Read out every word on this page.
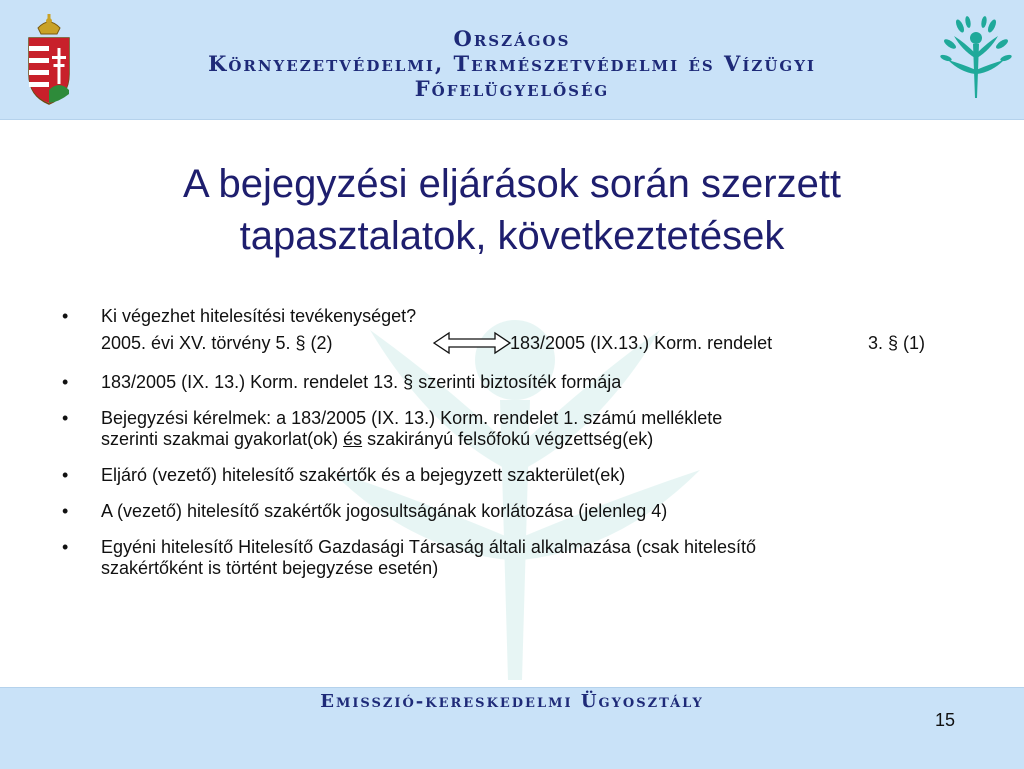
Országos
Környezetvédelmi, Természetvédelmi és Vízügyi
Főfelügyelőség
A bejegyzési eljárások során szerzett
tapasztalatok, következtetések
• Ki végezhet hitelesítési tevékenységet?
2005. évi XV. törvény 5. § (2)	183/2005 (IX.13.) Korm. rendelet	3. § (1)
• 183/2005 (IX. 13.) Korm. rendelet 13. § szerinti biztosíték formája
• Bejegyzési kérelmek: a 183/2005 (IX. 13.) Korm. rendelet 1. számú melléklete
szerinti szakmai gyakorlat(ok) és szakirányú felsőfokú végzettség(ek)
• Eljáró (vezető) hitelesítő szakértők és a bejegyzett szakterület(ek)
• A (vezető) hitelesítő szakértők jogosultságának korlátozása (jelenleg 4)
• Egyéni hitelesítő Hitelesítő Gazdasági Társaság általi alkalmazása (csak hitelesítő
szakértőként is történt bejegyzése esetén)
Emisszió-kereskedelmi Ügyosztály
15
